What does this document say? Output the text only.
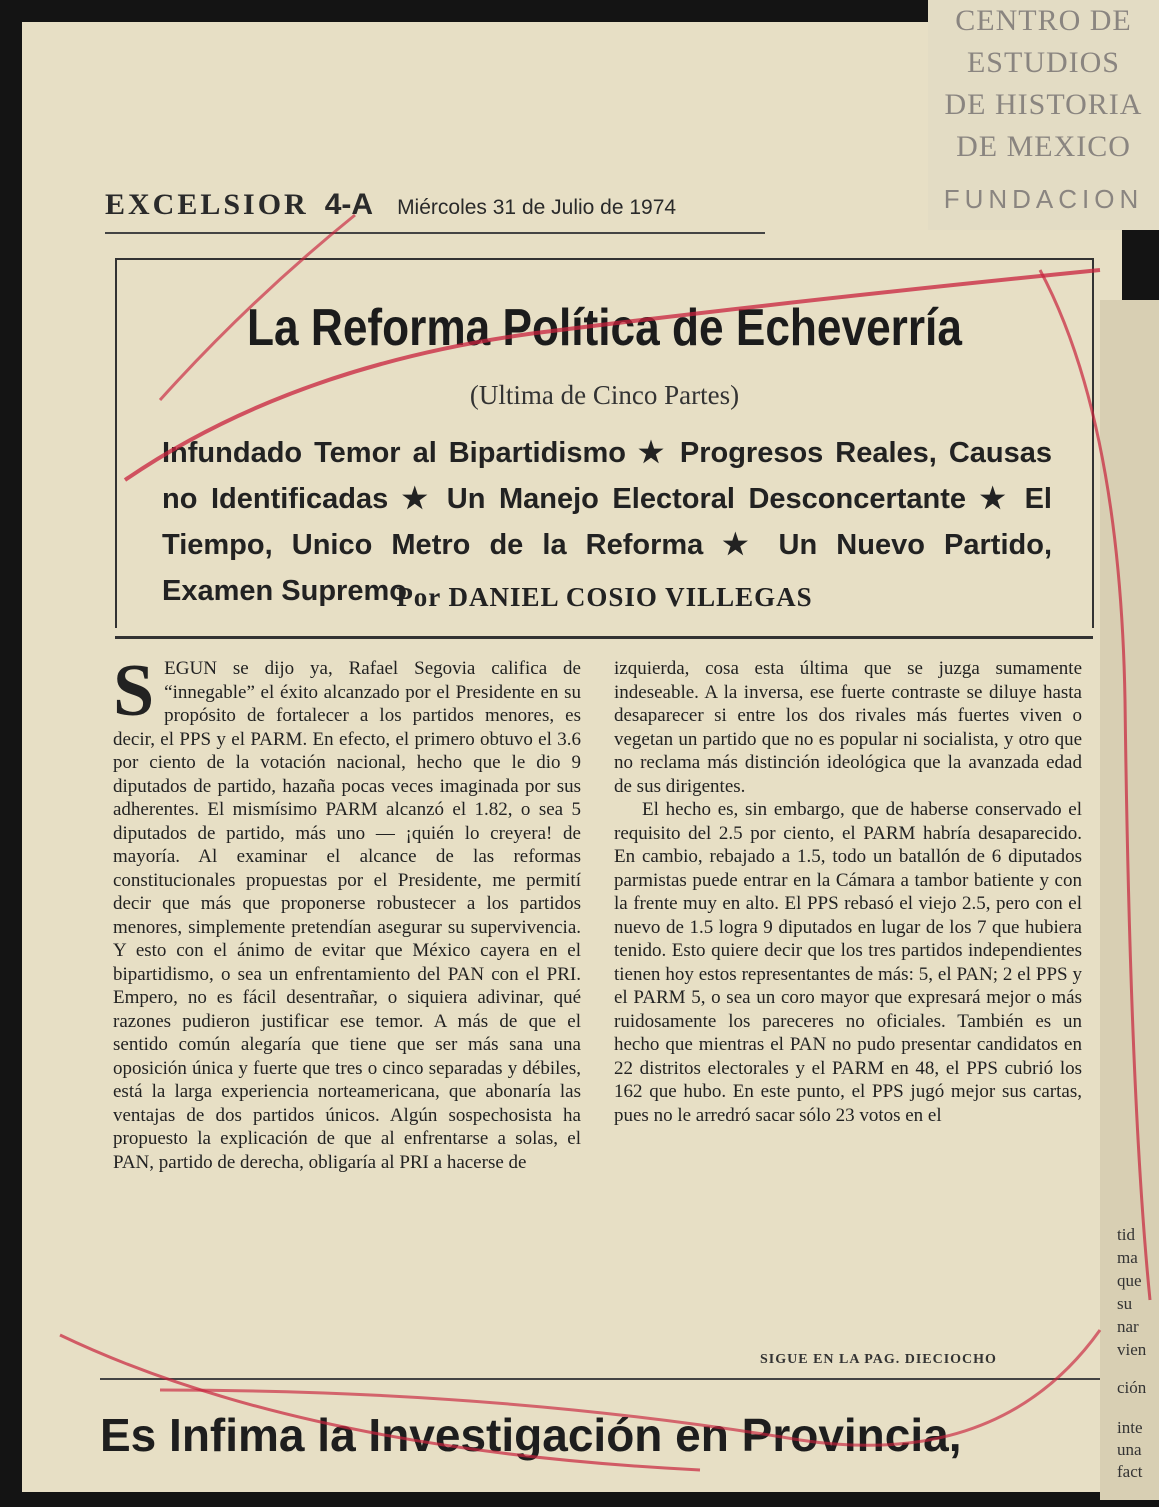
CENTRO DE
ESTUDIOS
DE HISTORIA
DE MEXICO
FUNDACION
EXCELSIOR 4-A Miércoles 31 de Julio de 1974
La Reforma Política de Echeverría
(Ultima de Cinco Partes)
Infundado Temor al Bipartidismo ★ Progresos Reales, Causas no Identificadas ★ Un Manejo Electoral Desconcertante ★ El Tiempo, Unico Metro de la Reforma ★ Un Nuevo Partido, Examen Supremo
Por DANIEL COSIO VILLEGAS
S EGUN se dijo ya, Rafael Segovia califica de “innegable” el éxito alcanzado por el Presidente en su propósito de fortalecer a los partidos menores, es decir, el PPS y el PARM. En efecto, el primero obtuvo el 3.6 por ciento de la votación nacional, hecho que le dio 9 diputados de partido, hazaña pocas veces imaginada por sus adherentes. El mismísimo PARM alcanzó el 1.82, o sea 5 diputados de partido, más uno — ¡quién lo creyera! de mayoría. Al examinar el alcance de las reformas constitucionales propuestas por el Presidente, me permití decir que más que proponerse robustecer a los partidos menores, simplemente pretendían asegurar su supervivencia. Y esto con el ánimo de evitar que México cayera en el bipartidismo, o sea un enfrentamiento del PAN con el PRI. Empero, no es fácil desentrañar, o siquiera adivinar, qué razones pudieron justificar ese temor. A más de que el sentido común alegaría que tiene que ser más sana una oposición única y fuerte que tres o cinco separadas y débiles, está la larga experiencia norteamericana, que abonaría las ventajas de dos partidos únicos. Algún sospechosista ha propuesto la explicación de que al enfrentarse a solas, el PAN, partido de derecha, obligaría al PRI a hacerse de

izquierda, cosa esta última que se juzga sumamente indeseable. A la inversa, ese fuerte contraste se diluye hasta desaparecer si entre los dos rivales más fuertes viven o vegetan un partido que no es popular ni socialista, y otro que no reclama más distinción ideológica que la avanzada edad de sus dirigentes.

El hecho es, sin embargo, que de haberse conservado el requisito del 2.5 por ciento, el PARM habría desaparecido. En cambio, rebajado a 1.5, todo un batallón de 6 diputados parmistas puede entrar en la Cámara a tambor batiente y con la frente muy en alto. El PPS rebasó el viejo 2.5, pero con el nuevo de 1.5 logra 9 diputados en lugar de los 7 que hubiera tenido. Esto quiere decir que los tres partidos independientes tienen hoy estos representantes de más: 5, el PAN; 2 el PPS y el PARM 5, o sea un coro mayor que expresará mejor o más ruidosamente los pareceres no oficiales. También es un hecho que mientras el PAN no pudo presentar candidatos en 22 distritos electorales y el PARM en 48, el PPS cubrió los 162 que hubo. En este punto, el PPS jugó mejor sus cartas, pues no le arredró sacar sólo 23 votos en el

SIGUE EN LA PAG. DIECIOCHO
Es Infima la Investigación en Provincia,
tid
ma
que
su
nar
vien
ción
inte
una
fact
